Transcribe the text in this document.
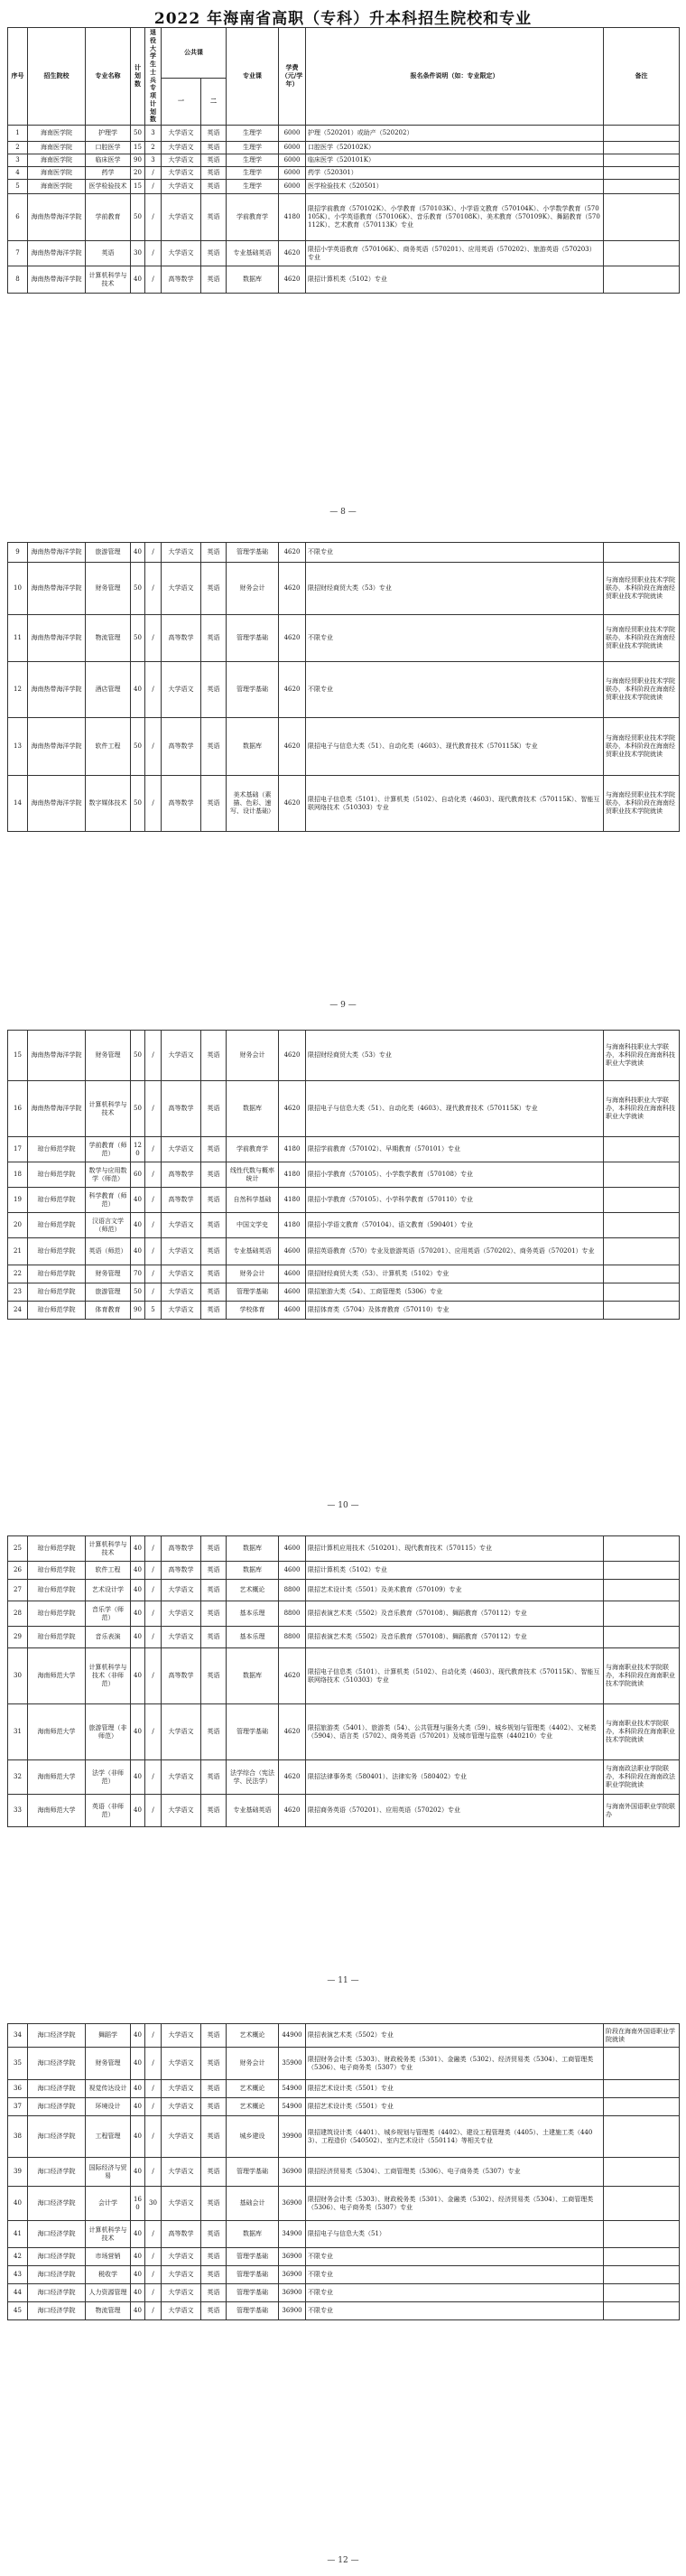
2022 年海南省高职（专科）升本科招生院校和专业
序号	招生院校	专业名称	计划数	退役大学生士兵专项计划数	公共课		专业课	学费（元/学年）	报名条件说明（如：专业限定）	备注
					一	二				
1	海南医学院	护理学	50	3	大学语文	英语	生理学	6000	护理（520201）或助产（520202）	
2	海南医学院	口腔医学	15	2	大学语文	英语	生理学	6000	口腔医学（520102K）	
3	海南医学院	临床医学	90	3	大学语文	英语	生理学	6000	临床医学（520101K）	
4	海南医学院	药学	20	/	大学语文	英语	生理学	6000	药学（520301）	
5	海南医学院	医学检验技术	15	/	大学语文	英语	生理学	6000	医学检验技术（520501）	
6	海南热带海洋学院	学前教育	50	/	大学语文	英语	学前教育学	4180	限招学前教育（570102K）、小学教育（570103K）、小学语文教育（570104K）、小学数学教育（570105K）、小学英语教育（570106K）、音乐教育（570108K）、美术教育（570109K）、舞蹈教育（570112K）、艺术教育（570113K）专业	
7	海南热带海洋学院	英语	30	/	大学语文	英语	专业基础英语	4620	限招小学英语教育（570106K）、商务英语（570201）、应用英语（570202）、旅游英语（570203）专业	
8	海南热带海洋学院	计算机科学与技术	40	/	高等数学	英语	数据库	4620	限招计算机类（5102）专业	
— 8 —
9	海南热带海洋学院	旅游管理	40	/	大学语文	英语	管理学基础	4620	不限专业	
10	海南热带海洋学院	财务管理	50	/	大学语文	英语	财务会计	4620	限招财经商贸大类（53）专业	与海南经贸职业技术学院联办，本科阶段在海南经贸职业技术学院就读
11	海南热带海洋学院	物流管理	50	/	高等数学	英语	管理学基础	4620	不限专业	与海南经贸职业技术学院联办，本科阶段在海南经贸职业技术学院就读
12	海南热带海洋学院	酒店管理	40	/	大学语文	英语	管理学基础	4620	不限专业	与海南经贸职业技术学院联办，本科阶段在海南经贸职业技术学院就读
13	海南热带海洋学院	软件工程	50	/	高等数学	英语	数据库	4620	限招电子与信息大类（51）、自动化类（4603）、现代教育技术（570115K）专业	与海南经贸职业技术学院联办，本科阶段在海南经贸职业技术学院就读
14	海南热带海洋学院	数字媒体技术	50	/	高等数学	英语	美术基础（素描、色彩、速写、设计基础）	4620	限招电子信息类（5101）、计算机类（5102）、自动化类（4603）、现代教育技术（570115K）、智能互联网络技术（510303）专业	与海南经贸职业技术学院联办，本科阶段在海南经贸职业技术学院就读
— 9 —
15	海南热带海洋学院	财务管理	50	/	大学语文	英语	财务会计	4620	限招财经商贸大类（53）专业	与海南科技职业大学联办，本科阶段在海南科技职业大学就读
16	海南热带海洋学院	计算机科学与技术	50	/	高等数学	英语	数据库	4620	限招电子与信息大类（51）、自动化类（4603）、现代教育技术（570115K）专业	与海南科技职业大学联办，本科阶段在海南科技职业大学就读
17	琼台师范学院	学前教育（师范）	120	/	大学语文	英语	学前教育学	4180	限招学前教育（570102）、早期教育（570101）专业	
18	琼台师范学院	数学与应用数学（师范）	60	/	高等数学	英语	线性代数与概率统计	4180	限招小学教育（570105）、小学数学教育（570108）专业	
19	琼台师范学院	科学教育（师范）	40	/	高等数学	英语	自然科学基础	4180	限招小学教育（570105）、小学科学教育（570110）专业	
20	琼台师范学院	汉语言文学（师范）	40	/	大学语文	英语	中国文学史	4180	限招小学语文教育（570104）、语文教育（590401）专业	
21	琼台师范学院	英语（师范）	40	/	大学语文	英语	专业基础英语	4600	限招英语教育（570）专业及旅游英语（570201）、应用英语（570202）、商务英语（570201）专业	
22	琼台师范学院	财务管理	70	/	大学语文	英语	财务会计	4600	限招财经商贸大类（53）、计算机类（5102）专业	
23	琼台师范学院	旅游管理	50	/	大学语文	英语	管理学基础	4600	限招旅游大类（54）、工商管理类（5306）专业	
24	琼台师范学院	体育教育	90	5	大学语文	英语	学校体育	4600	限招体育类（5704）及体育教育（570110）专业	
— 10 —
25	琼台师范学院	计算机科学与技术	40	/	高等数学	英语	数据库	4600	限招计算机应用技术（510201）、现代教育技术（570115）专业	
26	琼台师范学院	软件工程	40	/	高等数学	英语	数据库	4600	限招计算机类（5102）专业	
27	琼台师范学院	艺术设计学	40	/	大学语文	英语	艺术概论	8800	限招艺术设计类（5501）及美术教育（570109）专业	
28	琼台师范学院	音乐学（师范）	40	/	大学语文	英语	基本乐理	8800	限招表演艺术类（5502）及音乐教育（570108）、舞蹈教育（570112）专业	
29	琼台师范学院	音乐表演	40	/	大学语文	英语	基本乐理	8800	限招表演艺术类（5502）及音乐教育（570108）、舞蹈教育（570112）专业	
30	海南师范大学	计算机科学与技术（非师范）	40	/	高等数学	英语	数据库	4620	限招电子信息类（5101）、计算机类（5102）、自动化类（4603）、现代教育技术（570115K）、智能互联网络技术（510303）专业	与海南职业技术学院联办，本科阶段在海南职业技术学院就读
31	海南师范大学	旅游管理（非师范）	40	/	大学语文	英语	管理学基础	4620	限招旅游类（5401）、旅游类（54）、公共管理与服务大类（59）、城乡规划与管理类（4402）、文秘类（5904）、语言类（5702）、商务英语（570201）及城市管理与监察（440210）专业	与海南职业技术学院联办，本科阶段在海南职业技术学院就读
32	海南师范大学	法学（非师范）	40	/	大学语文	英语	法学综合（宪法学、民法学）	4620	限招法律事务类（580401）、法律实务（580402）专业	与海南政法职业学院联办，本科阶段在海南政法职业学院就读
33	海南师范大学	英语（非师范）	40	/	大学语文	英语	专业基础英语	4620	限招商务英语（570201）、应用英语（570202）专业	与海南外国语职业学院联办
— 11 —
34	海口经济学院	舞蹈学	40	/	大学语文	英语	艺术概论	44900	限招表演艺术类（5502）专业	阶段在海南外国语职业学院就读
35	海口经济学院	财务管理	40	/	大学语文	英语	财务会计	35900	限招财务会计类（5303）、财政税务类（5301）、金融类（5302）、经济贸易类（5304）、工商管理类（5306）、电子商务类（5307）专业	
36	海口经济学院	视觉传达设计	40	/	大学语文	英语	艺术概论	54900	限招艺术设计类（5501）专业	
37	海口经济学院	环境设计	40	/	大学语文	英语	艺术概论	54900	限招艺术设计类（5501）专业	
38	海口经济学院	工程管理	40	/	大学语文	英语	城乡建设	39900	限招建筑设计类（4401）、城乡规划与管理类（4402）、建设工程管理类（4405）、土建施工类（4403）、工程造价（540502）、室内艺术设计（550114）等相关专业	
39	海口经济学院	国际经济与贸易	40	/	大学语文	英语	管理学基础	36900	限招经济贸易类（5304）、工商管理类（5306）、电子商务类（5307）专业	
40	海口经济学院	会计学	160	30	大学语文	英语	基础会计	36900	限招财务会计类（5303）、财政税务类（5301）、金融类（5302）、经济贸易类（5304）、工商管理类（5306）、电子商务类（5307）专业	
41	海口经济学院	计算机科学与技术	40	/	高等数学	英语	数据库	34900	限招电子与信息大类（51）	
42	海口经济学院	市场营销	40	/	大学语文	英语	管理学基础	36900	不限专业	
43	海口经济学院	税收学	40	/	大学语文	英语	管理学基础	36900	不限专业	
44	海口经济学院	人力资源管理	40	/	大学语文	英语	管理学基础	36900	不限专业	
45	海口经济学院	物流管理	40	/	大学语文	英语	管理学基础	36900	不限专业	
— 12 —
